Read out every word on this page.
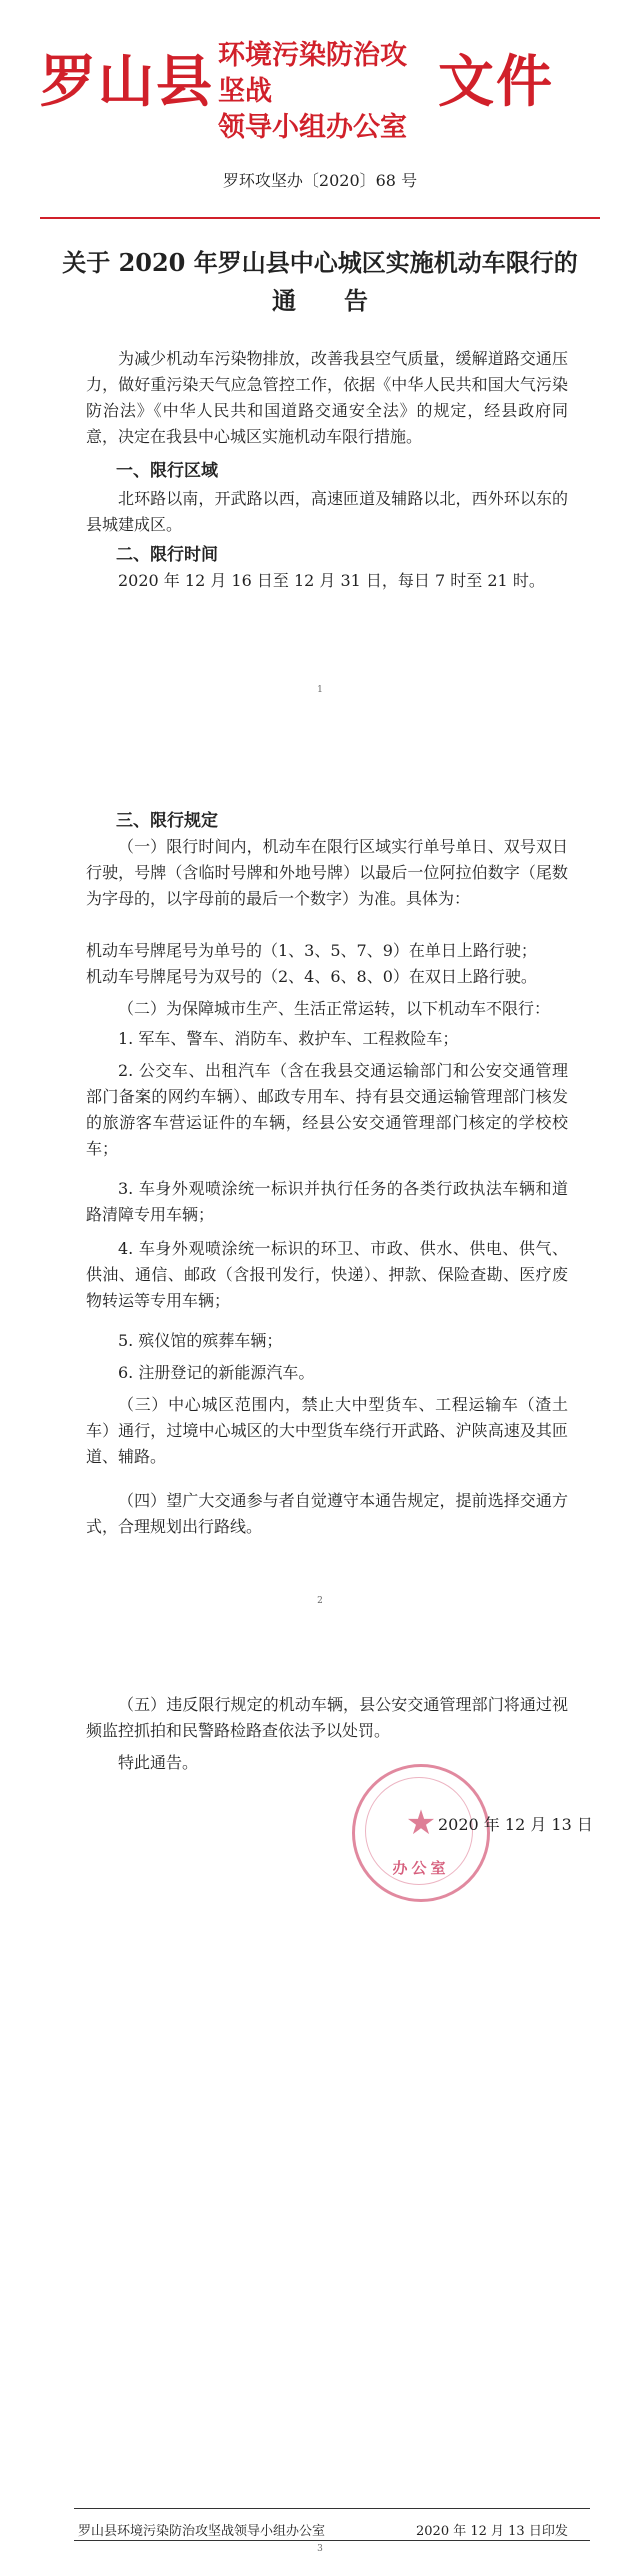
罗山县 环境污染防治攻坚战
领导小组办公室
文件
罗环攻坚办〔2020〕68 号
关于 2020 年罗山县中心城区实施机动车限行的
通　　告
为减少机动车污染物排放，改善我县空气质量，缓解道路交通压力，做好重污染天气应急管控工作，依据《中华人民共和国大气污染防治法》《中华人民共和国道路交通安全法》的规定，经县政府同意，决定在我县中心城区实施机动车限行措施。
一、限行区域
北环路以南，开武路以西，高速匝道及辅路以北，西外环以东的县城建成区。
二、限行时间
2020 年 12 月 16 日至 12 月 31 日，每日 7 时至 21 时。
1
三、限行规定
（一）限行时间内，机动车在限行区域实行单号单日、双号双日行驶，号牌（含临时号牌和外地号牌）以最后一位阿拉伯数字（尾数为字母的，以字母前的最后一个数字）为准。具体为：
机动车号牌尾号为单号的（1、3、5、7、9）在单日上路行驶；
机动车号牌尾号为双号的（2、4、6、8、0）在双日上路行驶。
（二）为保障城市生产、生活正常运转，以下机动车不限行：
1. 军车、警车、消防车、救护车、工程救险车；
2. 公交车、出租汽车（含在我县交通运输部门和公安交通管理部门备案的网约车辆）、邮政专用车、持有县交通运输管理部门核发的旅游客车营运证件的车辆，经县公安交通管理部门核定的学校校车；
3. 车身外观喷涂统一标识并执行任务的各类行政执法车辆和道路清障专用车辆；
4. 车身外观喷涂统一标识的环卫、市政、供水、供电、供气、供油、通信、邮政（含报刊发行，快递）、押款、保险查勘、医疗废物转运等专用车辆；
5. 殡仪馆的殡葬车辆；
6. 注册登记的新能源汽车。
（三）中心城区范围内，禁止大中型货车、工程运输车（渣土车）通行，过境中心城区的大中型货车绕行开武路、沪陕高速及其匝道、辅路。
（四）望广大交通参与者自觉遵守本通告规定，提前选择交通方式，合理规划出行路线。
2
（五）违反限行规定的机动车辆，县公安交通管理部门将通过视频监控抓拍和民警路检路查依法予以处罚。
特此通告。
★
办公室
2020 年 12 月 13 日
罗山县环境污染防治攻坚战领导小组办公室	2020 年 12 月 13 日印发
3
